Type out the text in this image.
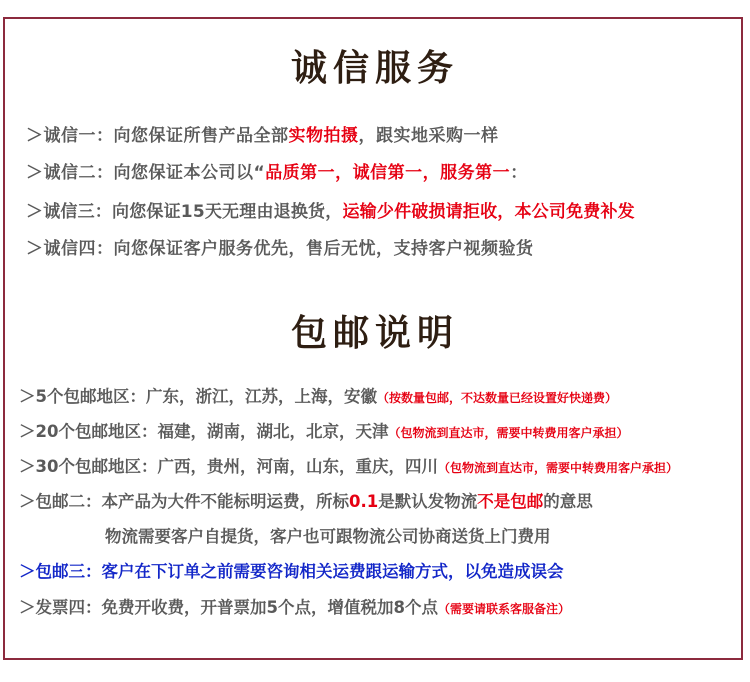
诚信服务
＞诚信一：向您保证所售产品全部实物拍摄，跟实地采购一样
＞诚信二：向您保证本公司以“品质第一，诚信第一，服务第一：
＞诚信三：向您保证15天无理由退换货，运输少件破损请拒收，本公司免费补发
＞诚信四：向您保证客户服务优先，售后无忧，支持客户视频验货
包邮说明
＞5个包邮地区：广东，浙江，江苏，上海，安徽（按数量包邮，不达数量已经设置好快递费）
＞20个包邮地区：福建，湖南，湖北，北京，天津（包物流到直达市，需要中转费用客户承担）
＞30个包邮地区：广西，贵州，河南，山东，重庆，四川（包物流到直达市，需要中转费用客户承担）
＞包邮二：本产品为大件不能标明运费，所标0.1是默认发物流不是包邮的意思
物流需要客户自提货，客户也可跟物流公司协商送货上门费用
＞包邮三：客户在下订单之前需要咨询相关运费跟运输方式，以免造成误会
＞发票四：免费开收费，开普票加5个点，增值税加8个点（需要请联系客服备注）
